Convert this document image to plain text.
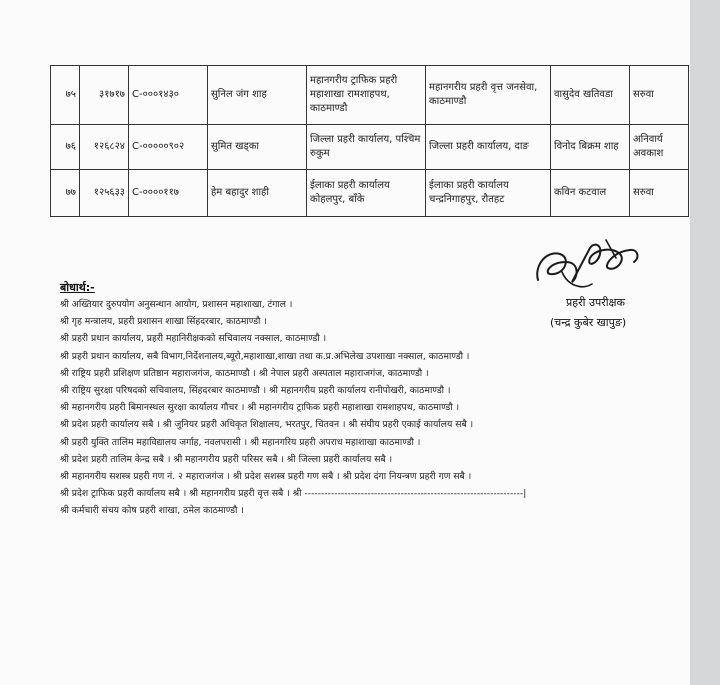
७५	३१७१७	C-०००१४३०	सुनिल जंग शाह	महानगरीय ट्राफिक प्रहरी महाशाखा रामशाहपथ, काठमाण्डौ	महानगरीय प्रहरी वृत्त जनसेवा, काठमाण्डौ	वासुदेव खतिवडा	सरुवा
७६	१२६८२४	C-०००००९०२	सुमित खड्का	जिल्ला प्रहरी कार्यालय, पश्चिम रुकुम	जिल्ला प्रहरी कार्यालय, दाङ	विनोद बिक्रम शाह	अनिवार्य अवकाश
७७	१२५६३३	C-००००११७	हेम बहादुर शाही	ईलाका प्रहरी कार्यालय कोहलपुर, बाँके	ईलाका प्रहरी कार्यालय चन्द्रनिगाहपुर, रौतहट	कविन कटवाल	सरुवा
प्रहरी उपरीक्षक
(चन्द्र कुबेर खापुङ)
बोधार्थ:-
श्री अख्तियार दुरुपयोग अनुसन्धान आयोग, प्रशासन महाशाखा, टंगाल ।
श्री गृह मन्त्रालय, प्रहरी प्रशासन शाखा सिंहदरबार, काठमाण्डौ ।
श्री प्रहरी प्रधान कार्यालय, प्रहरी महानिरीक्षकको सचिवालय नक्साल, काठमाण्डौ ।
श्री प्रहरी प्रधान कार्यालय, सबै विभाग,निर्देशनालय,ब्यूरो,महाशाखा,शाखा तथा क.प्र.अभिलेख उपशाखा नक्साल, काठमाण्डौ ।
श्री राष्ट्रिय प्रहरी प्रशिक्षण प्रतिष्ठान महाराजगंज, काठमाण्डौ । श्री नेपाल प्रहरी अस्पताल महाराजगंज, काठमाण्डौ ।
श्री राष्ट्रिय सुरक्षा परिषदको सचिवालय, सिंहदरबार काठमाण्डौ । श्री महानगरीय प्रहरी कार्यालय रानीपोखरी, काठमाण्डौ ।
श्री महानगरीय प्रहरी बिमानस्थल सुरक्षा कार्यालय गौचर । श्री महानगरीय ट्राफिक प्रहरी महाशाखा रामशाहपथ, काठमाण्डौ ।
श्री प्रदेश प्रहरी कार्यालय सबै । श्री जुनियर प्रहरी अधिकृत शिक्षालय, भरतपुर, चितवन । श्री संघीय प्रहरी एकाई कार्यालय सबै ।
श्री प्रहरी युक्ति तालिम महाविद्यालय जर्गाह, नवलपरासी । श्री महानगरिय प्रहरी अपराध महाशाखा काठमाण्डौ ।
श्री प्रदेश प्रहरी तालिम केन्द्र सबै । श्री महानगरीय प्रहरी परिसर सबै । श्री जिल्ला प्रहरी कार्यालय सबै ।
श्री महानगरीय सशस्त्र प्रहरी गण नं. २ महाराजगंज । श्री प्रदेश सशस्त्र प्रहरी गण सबै । श्री प्रदेश दंगा नियन्त्रण प्रहरी गण सबै ।
श्री प्रदेश ट्राफिक प्रहरी कार्यालय सबै । श्री महानगरीय प्रहरी वृत्त सबै । श्री ------------------------------------------------------------------|
श्री कर्मचारी संचय कोष प्रहरी शाखा, ठमेल काठमाण्डौ ।
